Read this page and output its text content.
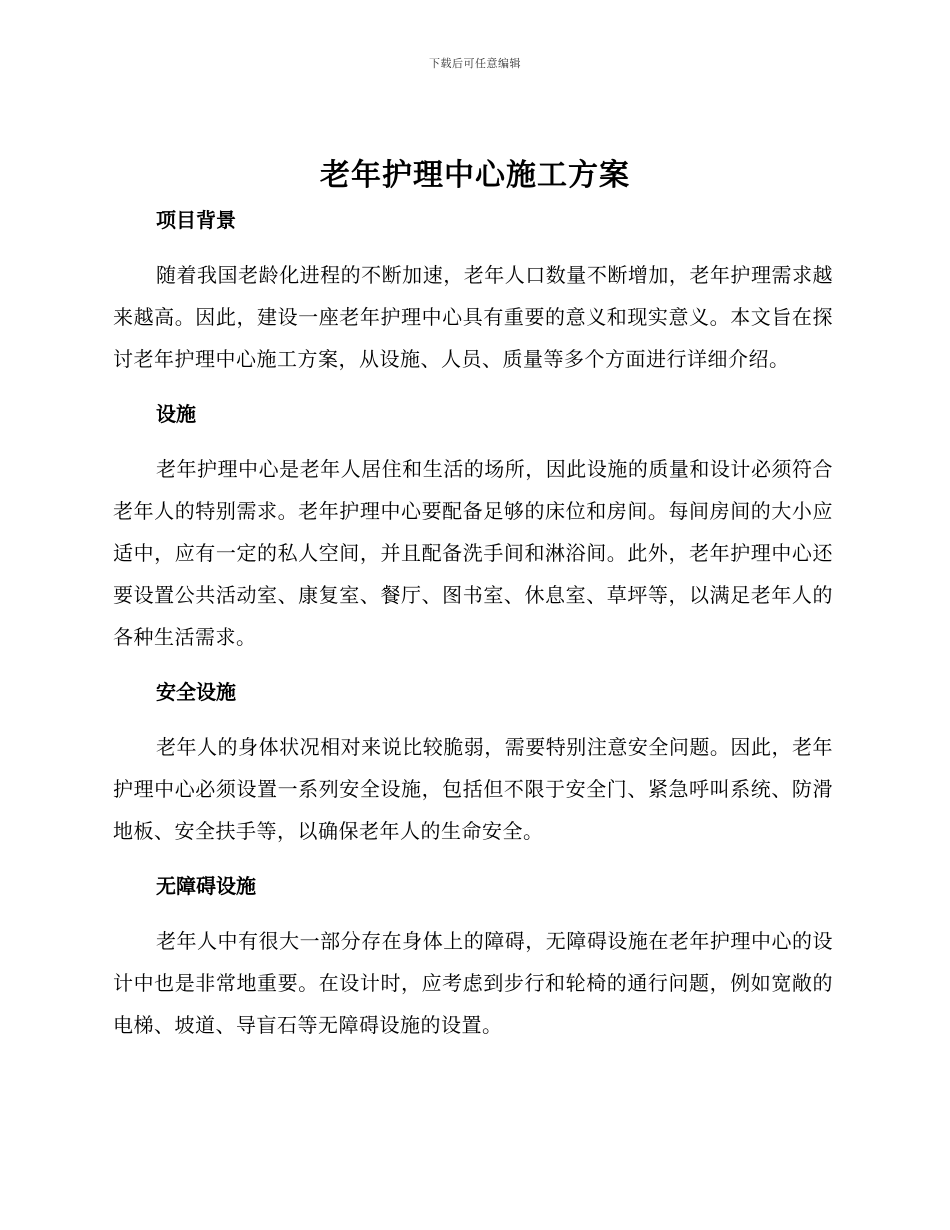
下载后可任意编辑
老年护理中心施工方案
项目背景

随着我国老龄化进程的不断加速，老年人口数量不断增加，老年护理需求越来越高。因此，建设一座老年护理中心具有重要的意义和现实意义。本文旨在探讨老年护理中心施工方案，从设施、人员、质量等多个方面进行详细介绍。

设施

老年护理中心是老年人居住和生活的场所，因此设施的质量和设计必须符合老年人的特别需求。老年护理中心要配备足够的床位和房间。每间房间的大小应适中，应有一定的私人空间，并且配备洗手间和淋浴间。此外，老年护理中心还要设置公共活动室、康复室、餐厅、图书室、休息室、草坪等，以满足老年人的各种生活需求。

安全设施

老年人的身体状况相对来说比较脆弱，需要特别注意安全问题。因此，老年护理中心必须设置一系列安全设施，包括但不限于安全门、紧急呼叫系统、防滑地板、安全扶手等，以确保老年人的生命安全。

无障碍设施

老年人中有很大一部分存在身体上的障碍，无障碍设施在老年护理中心的设计中也是非常地重要。在设计时，应考虑到步行和轮椅的通行问题，例如宽敞的电梯、坡道、导盲石等无障碍设施的设置。
